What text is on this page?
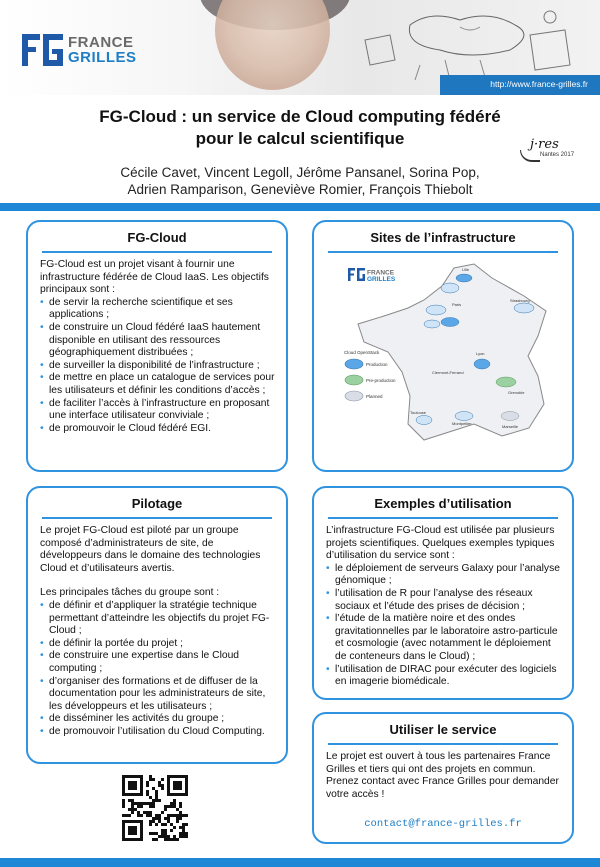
FRANCE
GRILLES
http://www.france-grilles.fr
FG-Cloud : un service de Cloud computing fédéré
pour le calcul scientifique	j·res
Nantes 2017
Cécile Cavet, Vincent Legoll, Jérôme Pansanel, Sorina Pop,
Adrien Ramparison, Geneviève Romier, François Thiebolt
FG-Cloud

FG-Cloud est un projet visant à fournir une infrastructure fédérée de Cloud IaaS. Les objectifs principaux sont :

• de servir la recherche scientifique et ses applications ;
• de construire un Cloud fédéré IaaS hautement disponible en utilisant des ressources géographiquement distribuées ;
• de surveiller la disponibilité de l’infrastructure ;
• de mettre en place un catalogue de services pour les utilisateurs et définir les conditions d’accès ;
• de faciliter l’accès à l’infrastructure en proposant une interface utilisateur conviviale ;
• de promouvoir le Cloud fédéré EGI.
Sites de l’infrastructure
FRANCE
GRILLES
Cloud OpenStack
Production
Pre-production
Planned
Lille
Strasbourg
Paris
Lyon
Clermont-Ferrand
Grenoble
Toulouse
Montpellier
Marseille
Pilotage

Le projet FG-Cloud est piloté par un groupe composé d’administrateurs de site, de développeurs dans le domaine des technologies Cloud et d’utilisateurs avertis.

Les principales tâches du groupe sont :

• de définir et d’appliquer la stratégie technique permettant d’atteindre les objectifs du projet FG-Cloud ;
• de définir la portée du projet ;
• de construire une expertise dans le Cloud computing ;
• d’organiser des formations et de diffuser de la documentation pour les administrateurs de site, les développeurs et les utilisateurs ;
• de disséminer les activités du groupe ;
• de promouvoir l’utilisation du Cloud Computing.
Exemples d’utilisation

L’infrastructure FG-Cloud est utilisée par plusieurs projets scientifiques. Quelques exemples typiques d’utilisation du service sont :

• le déploiement de serveurs Galaxy pour l’analyse génomique ;
• l’utilisation de R pour l’analyse des réseaux sociaux et l’étude des prises de décision ;
• l’étude de la matière noire et des ondes gravitationnelles par le laboratoire astro-particule et cosmologie (avec notamment le déploiement de conteneurs dans le Cloud) ;
• l’utilisation de DIRAC pour exécuter des logiciels en imagerie biomédicale.
Utiliser le service

Le projet est ouvert à tous les partenaires France Grilles et tiers qui ont des projets en commun. Prenez contact avec France Grilles pour demander votre accès !

contact@france-grilles.fr
